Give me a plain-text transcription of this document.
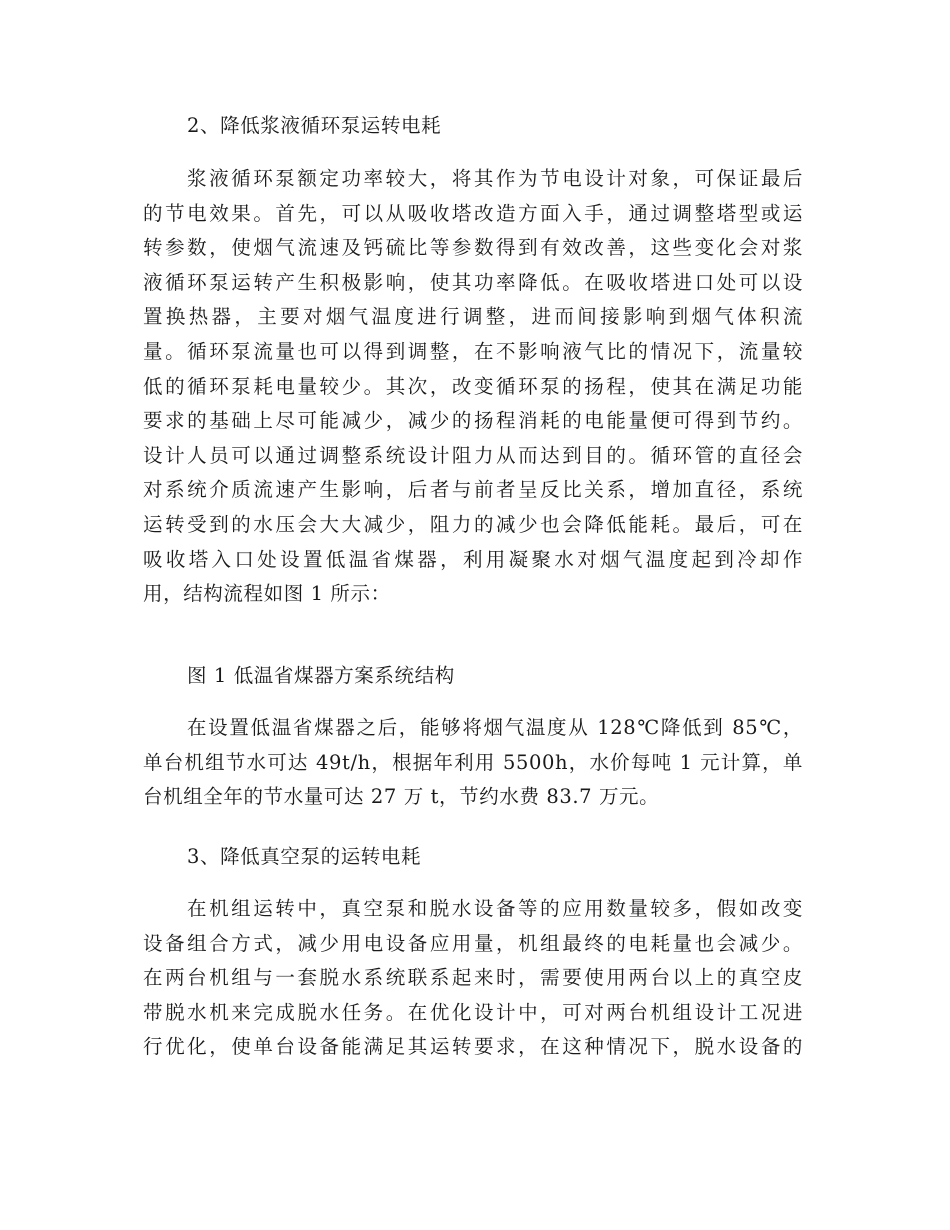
2、降低浆液循环泵运转电耗
浆液循环泵额定功率较大，将其作为节电设计对象，可保证最后
的节电效果。首先，可以从吸收塔改造方面入手，通过调整塔型或运
转参数，使烟气流速及钙硫比等参数得到有效改善，这些变化会对浆
液循环泵运转产生积极影响，使其功率降低。在吸收塔进口处可以设
置换热器，主要对烟气温度进行调整，进而间接影响到烟气体积流
量。循环泵流量也可以得到调整，在不影响液气比的情况下，流量较
低的循环泵耗电量较少。其次，改变循环泵的扬程，使其在满足功能
要求的基础上尽可能减少，减少的扬程消耗的电能量便可得到节约。
设计人员可以通过调整系统设计阻力从而达到目的。循环管的直径会
对系统介质流速产生影响，后者与前者呈反比关系，增加直径，系统
运转受到的水压会大大减少，阻力的减少也会降低能耗。最后，可在
吸收塔入口处设置低温省煤器，利用凝聚水对烟气温度起到冷却作
用，结构流程如图 1 所示：
图 1 低温省煤器方案系统结构
在设置低温省煤器之后，能够将烟气温度从 128℃降低到 85℃，
单台机组节水可达 49t/h，根据年利用 5500h，水价每吨 1 元计算，单
台机组全年的节水量可达 27 万 t，节约水费 83.7 万元。
3、降低真空泵的运转电耗
在机组运转中，真空泵和脱水设备等的应用数量较多，假如改变
设备组合方式，减少用电设备应用量，机组最终的电耗量也会减少。
在两台机组与一套脱水系统联系起来时，需要使用两台以上的真空皮
带脱水机来完成脱水任务。在优化设计中，可对两台机组设计工况进
行优化，使单台设备能满足其运转要求，在这种情况下，脱水设备的
